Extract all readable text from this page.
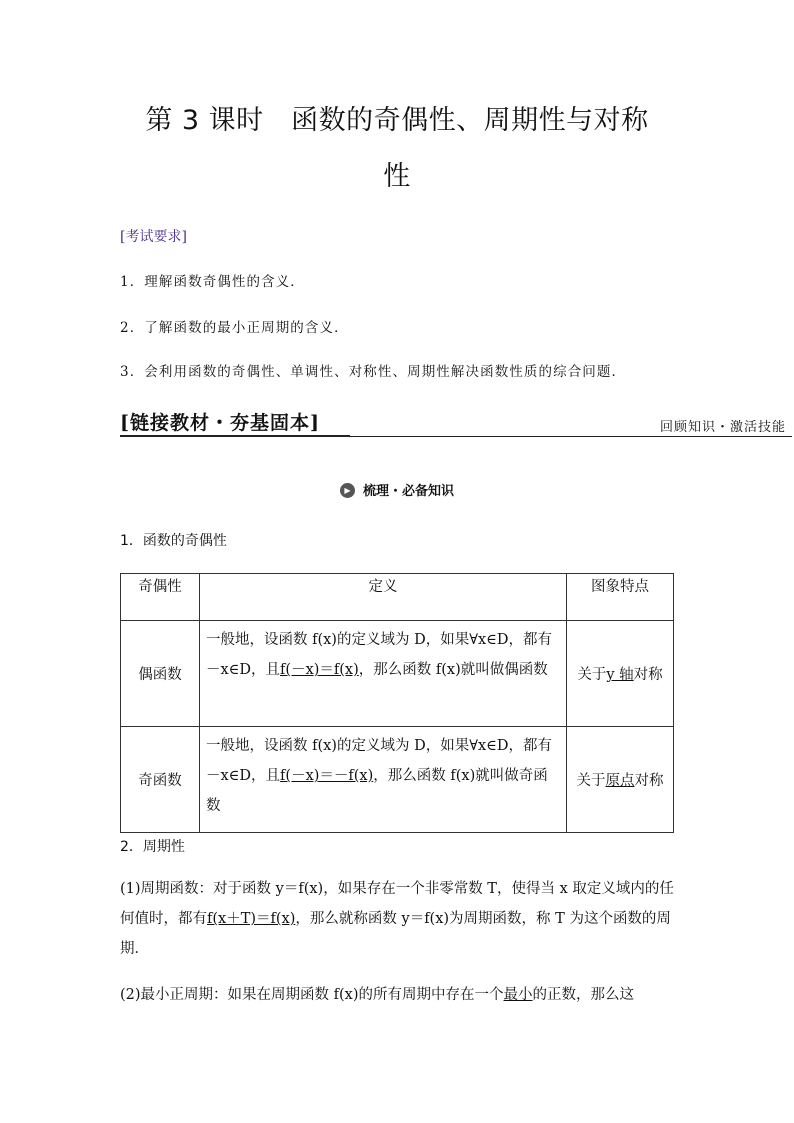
第 3 课时　函数的奇偶性、周期性与对称
性
[考试要求]
1．理解函数奇偶性的含义．
2．了解函数的最小正周期的含义．
3．会利用函数的奇偶性、单调性、对称性、周期性解决函数性质的综合问题．
[链接教材・夯基固本]	回顾知识・激活技能
▶ 梳理・必备知识
1．函数的奇偶性
奇偶性	定义	图象特点
偶函数	一般地，设函数 f(x)的定义域为 D，如果∀x∈D，都有－x∈D，且f(－x)＝f(x)，那么函数 f(x)就叫做偶函数	关于y 轴对称
奇函数	一般地，设函数 f(x)的定义域为 D，如果∀x∈D，都有－x∈D，且f(－x)＝－f(x)，那么函数 f(x)就叫做奇函数	关于原点对称
2．周期性
(1)周期函数：对于函数 y＝f(x)，如果存在一个非零常数 T，使得当 x 取定义域内的任何值时，都有f(x＋T)＝f(x)，那么就称函数 y＝f(x)为周期函数，称 T 为这个函数的周期．
(2)最小正周期：如果在周期函数 f(x)的所有周期中存在一个最小的正数，那么这
